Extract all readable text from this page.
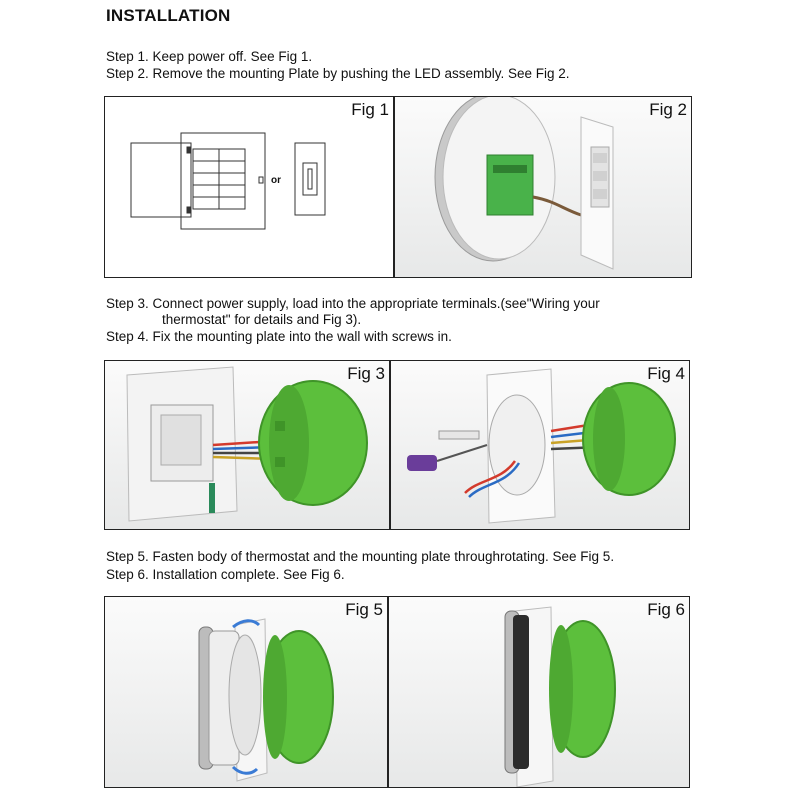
INSTALLATION
Step 1. Keep power off. See Fig 1.
Step 2. Remove the mounting Plate by pushing the LED assembly. See Fig 2.
or
Fig 1	Fig 2
Step 3. Connect power supply, load into the appropriate terminals.(see"Wiring your
thermostat" for details and Fig 3).
Step 4. Fix the mounting plate into the wall with screws in.
Fig 3	Fig 4
Step 5. Fasten body of thermostat and the mounting plate throughrotating. See Fig 5.
Step 6. Installation complete. See Fig 6.
Fig 5	Fig 6
